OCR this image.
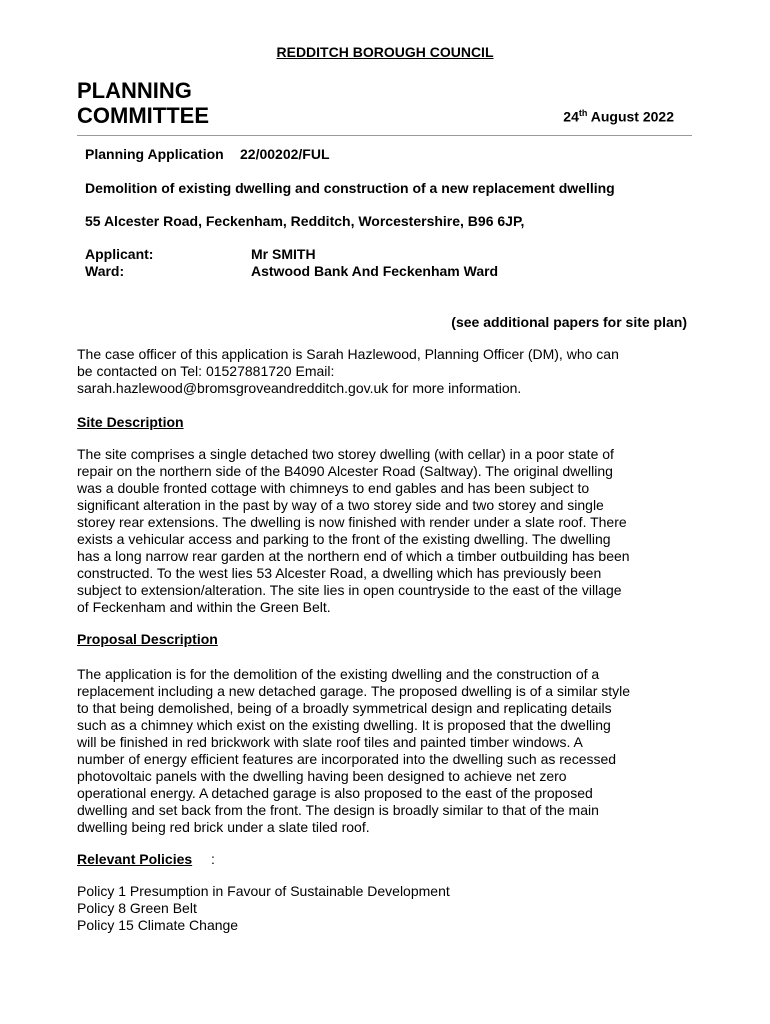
REDDITCH BOROUGH COUNCIL
PLANNING
COMMITTEE	24th August 2022
Planning Application 22/00202/FUL
Demolition of existing dwelling and construction of a new replacement dwelling
55 Alcester Road, Feckenham, Redditch, Worcestershire, B96 6JP,
Applicant:	Mr SMITH
Ward:	Astwood Bank And Feckenham Ward
(see additional papers for site plan)
The case officer of this application is Sarah Hazlewood, Planning Officer (DM), who can
be contacted on Tel: 01527881720 Email:
sarah.hazlewood@bromsgroveandredditch.gov.uk for more information.
Site Description
The site comprises a single detached two storey dwelling (with cellar) in a poor state of
repair on the northern side of the B4090 Alcester Road (Saltway). The original dwelling
was a double fronted cottage with chimneys to end gables and has been subject to
significant alteration in the past by way of a two storey side and two storey and single
storey rear extensions. The dwelling is now finished with render under a slate roof. There
exists a vehicular access and parking to the front of the existing dwelling. The dwelling
has a long narrow rear garden at the northern end of which a timber outbuilding has been
constructed. To the west lies 53 Alcester Road, a dwelling which has previously been
subject to extension/alteration. The site lies in open countryside to the east of the village
of Feckenham and within the Green Belt.
Proposal Description
The application is for the demolition of the existing dwelling and the construction of a
replacement including a new detached garage. The proposed dwelling is of a similar style
to that being demolished, being of a broadly symmetrical design and replicating details
such as a chimney which exist on the existing dwelling. It is proposed that the dwelling
will be finished in red brickwork with slate roof tiles and painted timber windows. A
number of energy efficient features are incorporated into the dwelling such as recessed
photovoltaic panels with the dwelling having been designed to achieve net zero
operational energy. A detached garage is also proposed to the east of the proposed
dwelling and set back from the front. The design is broadly similar to that of the main
dwelling being red brick under a slate tiled roof.
Relevant Policies :
Policy 1 Presumption in Favour of Sustainable Development
Policy 8 Green Belt
Policy 15 Climate Change
